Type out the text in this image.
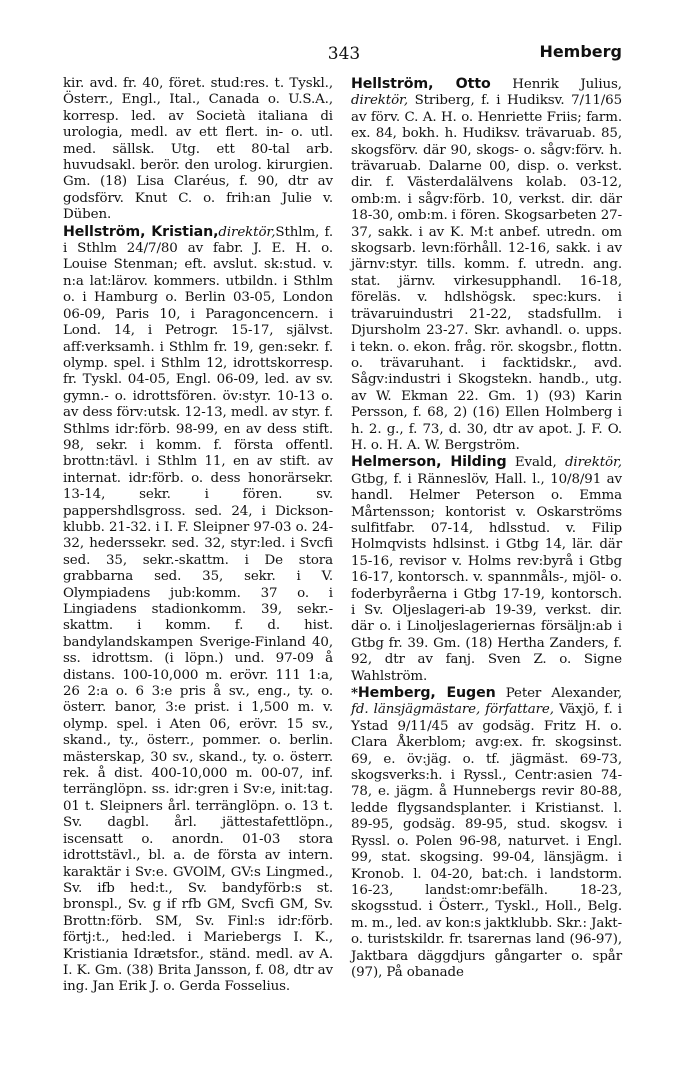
343	Hemberg

kir. avd. fr. 40, föret. stud:res. t. Tyskl., Österr., Engl., Ital., Canada o. U.S.A., korresp. led. av Società italiana di urologia, medl. av ett flert. in- o. utl. med. sällsk. Utg. ett 80-tal arb. huvudsakl. berör. den urolog. kirurgien. Gm. (18) Lisa Claréus, f. 90, dtr av godsförv. Knut C. o. frih:an Julie v. Düben.

Hellström, Kristian,direktör,Sthlm, f. i Sthlm 24/7/80 av fabr. J. E. H. o. Louise Stenman; eft. avslut. sk:stud. v. n:a lat:lärov. kommers. utbildn. i Sthlm o. i Hamburg o. Berlin 03-05, London 06-09, Paris 10, i Paragoncencern. i Lond. 14, i Petrogr. 15-17, självst. aff:verksamh. i Sthlm fr. 19, gen:sekr. f. olymp. spel. i Sthlm 12, idrottskorresp. fr. Tyskl. 04-05, Engl. 06-09, led. av sv. gymn.- o. idrottsfören. öv:styr. 10-13 o. av dess förv:utsk. 12-13, medl. av styr. f. Sthlms idr:förb. 98-99, en av dess stift. 98, sekr. i komm. f. första offentl. brottn:tävl. i Sthlm 11, en av stift. av internat. idr:förb. o. dess honorärsekr. 13-14, sekr. i fören. sv. pappershdlsgross. sed. 24, i Dickson-klubb. 21-32. i I. F. Sleipner 97-03 o. 24-32, hederssekr. sed. 32, styr:led. i Svcfi sed. 35, sekr.-skattm. i De stora grabbarna sed. 35, sekr. i V. Olympiadens jub:komm. 37 o. i Lingiadens stadionkomm. 39, sekr.-skattm. i komm. f. d. hist. bandylandskampen Sverige-Finland 40, ss. idrottsm. (i löpn.) und. 97-09 å distans. 100-10,000 m. erövr. 111 1:a, 26 2:a o. 6 3:e pris å sv., eng., ty. o. österr. banor, 3:e prist. i 1,500 m. v. olymp. spel. i Aten 06, erövr. 15 sv., skand., ty., österr., pommer. o. berlin. mästerskap, 30 sv., skand., ty. o. österr. rek. å dist. 400-10,000 m. 00-07, inf. terränglöpn. ss. idr:gren i Sv:e, init:tag. 01 t. Sleipners årl. terränglöpn. o. 13 t. Sv. dagbl. årl. jättestafettlöpn., iscensatt o. anordn. 01-03 stora idrottstävl., bl. a. de första av intern. karaktär i Sv:e. GVOlM, GV:s Lingmed., Sv. ifb hed:t., Sv. bandyförb:s st. bronspl., Sv. g if rfb GM, Svcfi GM, Sv. Brottn:förb. SM, Sv. Finl:s idr:förb. förtj:t., hed:led. i Mariebergs I. K., Kristiania Idrætsfor., ständ. medl. av A. I. K. Gm. (38) Brita Jansson, f. 08, dtr av ing. Jan Erik J. o. Gerda Fosselius.

Hellström, Otto Henrik Julius, direktör, Striberg, f. i Hudiksv. 7/11/65 av förv. C. A. H. o. Henriette Friis; farm. ex. 84, bokh. h. Hudiksv. trävaruab. 85, skogsförv. där 90, skogs- o. sågv:förv. h. trävaruab. Dalarne 00, disp. o. verkst. dir. f. Västerdalälvens kolab. 03-12, omb:m. i sågv:förb. 10, verkst. dir. där 18-30, omb:m. i fören. Skogsarbeten 27-37, sakk. i av K. M:t anbef. utredn. om skogsarb. levn:förhåll. 12-16, sakk. i av järnv:styr. tills. komm. f. utredn. ang. stat. järnv. virkesupphandl. 16-18, föreläs. v. hdlshögsk. spec:kurs. i trävaruindustri 21-22, stadsfullm. i Djursholm 23-27. Skr. avhandl. o. upps. i tekn. o. ekon. fråg. rör. skogsbr., flottn. o. trävaruhant. i facktidskr., avd. Sågv:industri i Skogstekn. handb., utg. av W. Ekman 22. Gm. 1) (93) Karin Persson, f. 68, 2) (16) Ellen Holmberg i h. 2. g., f. 73, d. 30, dtr av apot. J. F. O. H. o. H. A. W. Bergström.

Helmerson, Hilding Evald, direktör, Gtbg, f. i Ränneslöv, Hall. l., 10/8/91 av handl. Helmer Peterson o. Emma Mårtensson; kontorist v. Oskarströms sulfitfabr. 07-14, hdlsstud. v. Filip Holmqvists hdlsinst. i Gtbg 14, lär. där 15-16, revisor v. Holms rev:byrå i Gtbg 16-17, kontorsch. v. spannmåls-, mjöl- o. foderbyråerna i Gtbg 17-19, kontorsch. i Sv. Oljeslageri-ab 19-39, verkst. dir. där o. i Linoljeslageriernas försäljn:ab i Gtbg fr. 39. Gm. (18) Hertha Zanders, f. 92, dtr av fanj. Sven Z. o. Signe Wahlström.

*Hemberg, Eugen Peter Alexander, fd. länsjägmästare, författare, Växjö, f. i Ystad 9/11/45 av godsäg. Fritz H. o. Clara Åkerblom; avg:ex. fr. skogsinst. 69, e. öv:jäg. o. tf. jägmäst. 69-73, skogsverks:h. i Ryssl., Centr:asien 74-78, e. jägm. å Hunnebergs revir 80-88, ledde flygsandsplanter. i Kristianst. l. 89-95, godsäg. 89-95, stud. skogsv. i Ryssl. o. Polen 96-98, naturvet. i Engl. 99, stat. skogsing. 99-04, länsjägm. i Kronob. l. 04-20, bat:ch. i landstorm. 16-23, landst:omr:befälh. 18-23, skogsstud. i Österr., Tyskl., Holl., Belg. m. m., led. av kon:s jaktklubb. Skr.: Jakt- o. turistskildr. fr. tsarernas land (96-97), Jaktbara däggdjurs gångarter o. spår (97), På obanade
